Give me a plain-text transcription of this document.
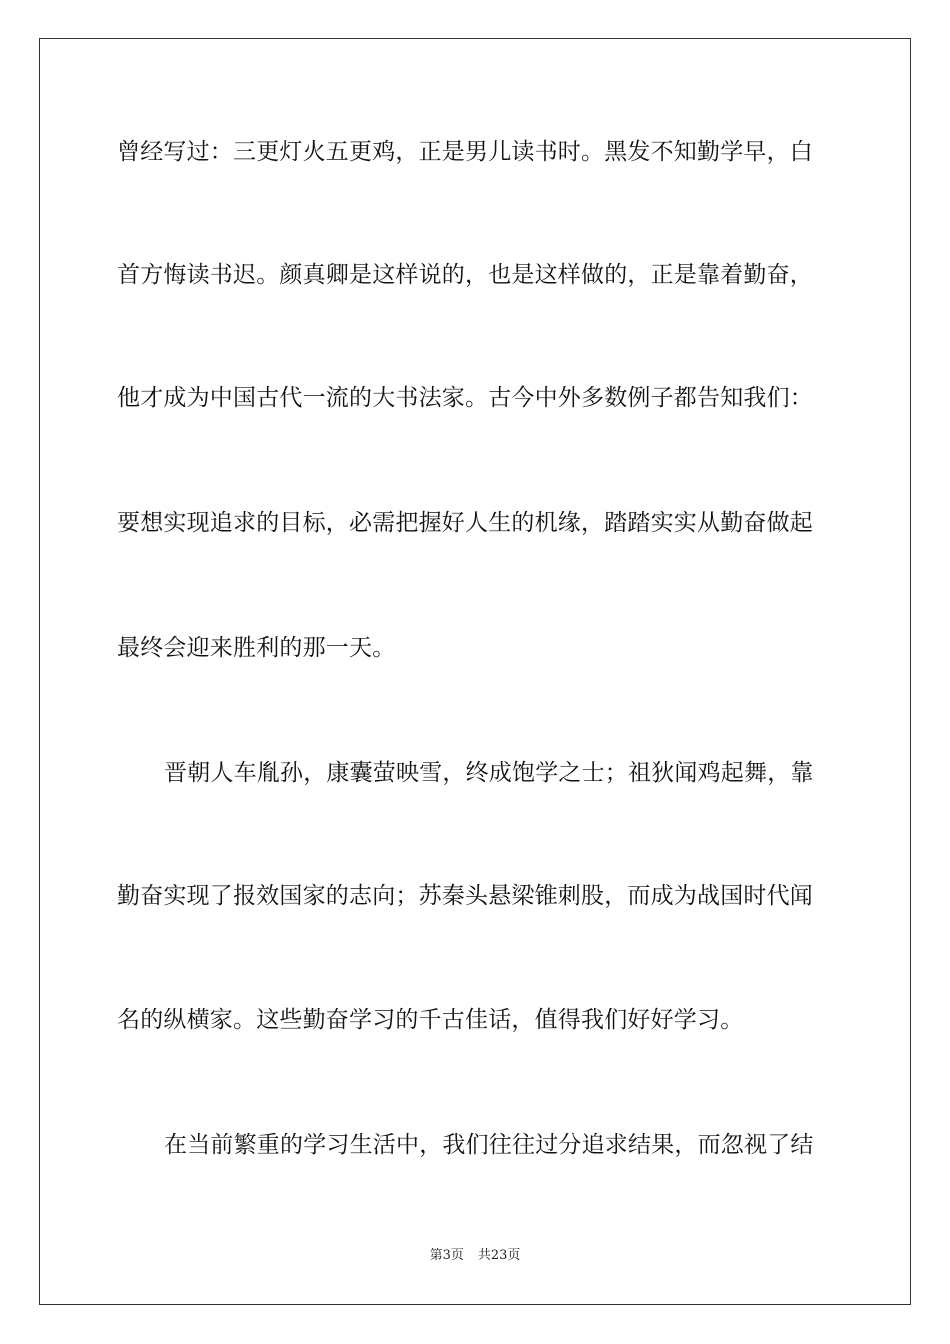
曾经写过：三更灯火五更鸡，正是男儿读书时。黑发不知勤学早，白
首方悔读书迟。颜真卿是这样说的，也是这样做的，正是靠着勤奋，
他才成为中国古代一流的大书法家。古今中外多数例子都告知我们：
要想实现追求的目标，必需把握好人生的机缘，踏踏实实从勤奋做起
最终会迎来胜利的那一天。
晋朝人车胤孙，康囊萤映雪，终成饱学之士；祖狄闻鸡起舞，靠
勤奋实现了报效国家的志向；苏秦头悬梁锥刺股，而成为战国时代闻
名的纵横家。这些勤奋学习的千古佳话，值得我们好好学习。
在当前繁重的学习生活中，我们往往过分追求结果，而忽视了结
第3页 共23页
